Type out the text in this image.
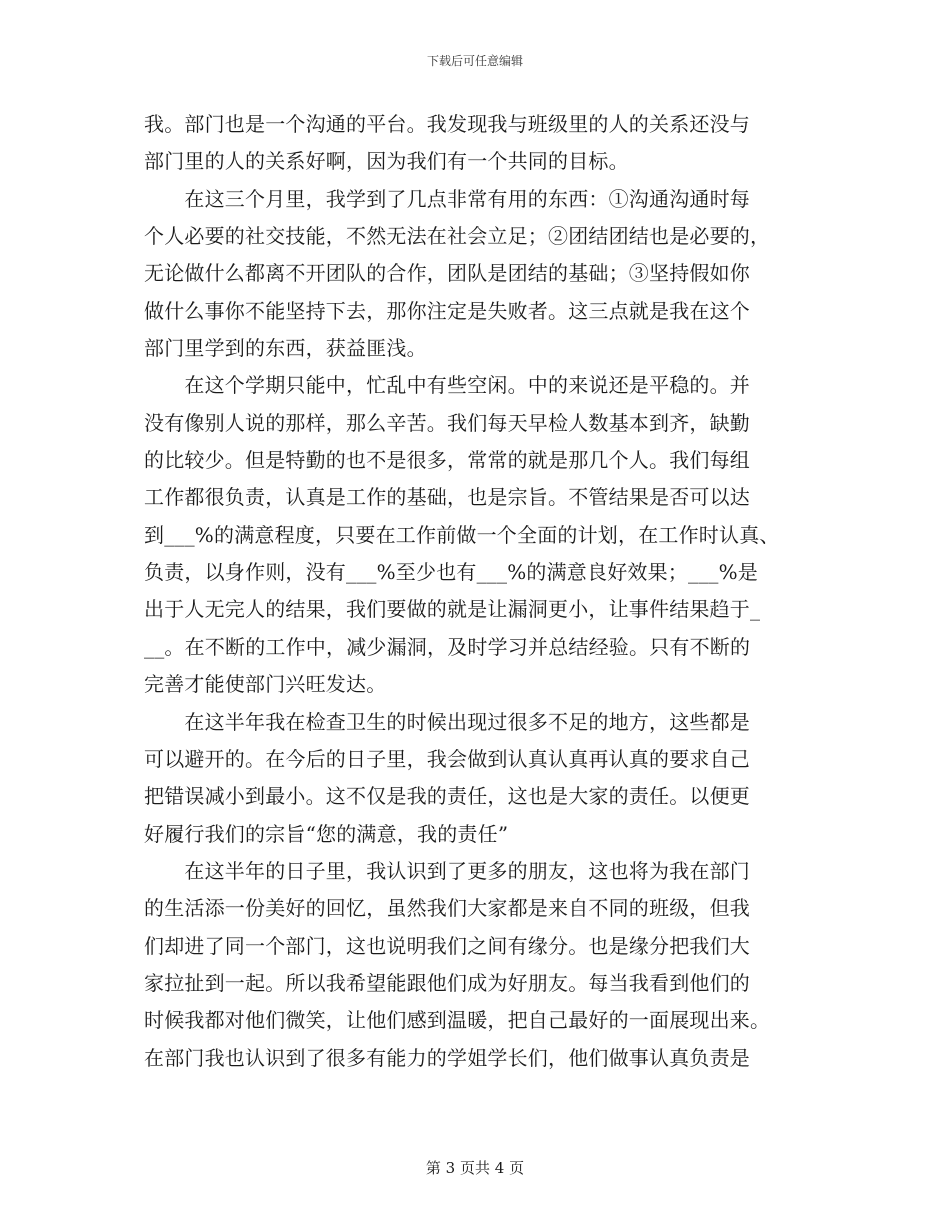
下载后可任意编辑
我。部门也是一个沟通的平台。我发现我与班级里的人的关系还没与
部门里的人的关系好啊，因为我们有一个共同的目标。
　　在这三个月里，我学到了几点非常有用的东西：①沟通沟通时每
个人必要的社交技能，不然无法在社会立足；②团结团结也是必要的，
无论做什么都离不开团队的合作，团队是团结的基础；③坚持假如你
做什么事你不能坚持下去，那你注定是失败者。这三点就是我在这个
部门里学到的东西，获益匪浅。
　　在这个学期只能中，忙乱中有些空闲。中的来说还是平稳的。并
没有像别人说的那样，那么辛苦。我们每天早检人数基本到齐，缺勤
的比较少。但是特勤的也不是很多，常常的就是那几个人。我们每组
工作都很负责，认真是工作的基础，也是宗旨。不管结果是否可以达
到___%的满意程度，只要在工作前做一个全面的计划，在工作时认真、
负责，以身作则，没有___%至少也有___%的满意良好效果；___%是
出于人无完人的结果，我们要做的就是让漏洞更小，让事件结果趋于_
__。在不断的工作中，减少漏洞，及时学习并总结经验。只有不断的
完善才能使部门兴旺发达。
　　在这半年我在检查卫生的时候出现过很多不足的地方，这些都是
可以避开的。在今后的日子里，我会做到认真认真再认真的要求自己
把错误减小到最小。这不仅是我的责任，这也是大家的责任。以便更
好履行我们的宗旨“您的满意，我的责任”
　　在这半年的日子里，我认识到了更多的朋友，这也将为我在部门
的生活添一份美好的回忆，虽然我们大家都是来自不同的班级，但我
们却进了同一个部门，这也说明我们之间有缘分。也是缘分把我们大
家拉扯到一起。所以我希望能跟他们成为好朋友。每当我看到他们的
时候我都对他们微笑，让他们感到温暖，把自己最好的一面展现出来。
在部门我也认识到了很多有能力的学姐学长们，他们做事认真负责是
第 3 页共 4 页
